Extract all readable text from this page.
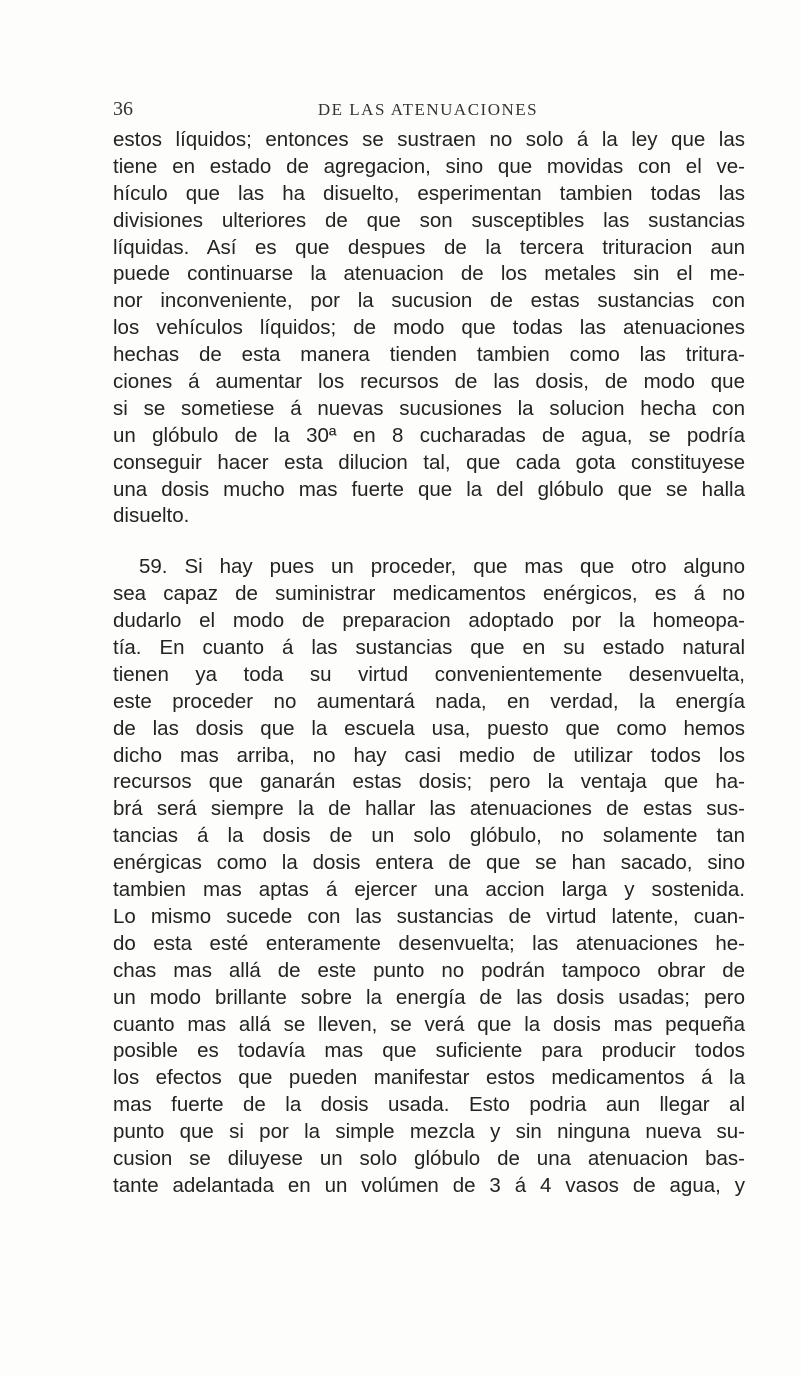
36	DE LAS ATENUACIONES
estos líquidos; entonces se sustraen no solo á la ley que las
tiene en estado de agregacion, sino que movidas con el ve-
hículo que las ha disuelto, esperimentan tambien todas las
divisiones ulteriores de que son susceptibles las sustancias
líquidas. Así es que despues de la tercera trituracion aun
puede continuarse la atenuacion de los metales sin el me-
nor inconveniente, por la sucusion de estas sustancias con
los vehículos líquidos; de modo que todas las atenuaciones
hechas de esta manera tienden tambien como las tritura-
ciones á aumentar los recursos de las dosis, de modo que
si se sometiese á nuevas sucusiones la solucion hecha con
un glóbulo de la 30ª en 8 cucharadas de agua, se podría
conseguir hacer esta dilucion tal, que cada gota constituyese
una dosis mucho mas fuerte que la del glóbulo que se halla
disuelto.
59. Si hay pues un proceder, que mas que otro alguno
sea capaz de suministrar medicamentos enérgicos, es á no
dudarlo el modo de preparacion adoptado por la homeopa-
tía. En cuanto á las sustancias que en su estado natural
tienen ya toda su virtud convenientemente desenvuelta,
este proceder no aumentará nada, en verdad, la energía
de las dosis que la escuela usa, puesto que como hemos
dicho mas arriba, no hay casi medio de utilizar todos los
recursos que ganarán estas dosis; pero la ventaja que ha-
brá será siempre la de hallar las atenuaciones de estas sus-
tancias á la dosis de un solo glóbulo, no solamente tan
enérgicas como la dosis entera de que se han sacado, sino
tambien mas aptas á ejercer una accion larga y sostenida.
Lo mismo sucede con las sustancias de virtud latente, cuan-
do esta esté enteramente desenvuelta; las atenuaciones he-
chas mas allá de este punto no podrán tampoco obrar de
un modo brillante sobre la energía de las dosis usadas; pero
cuanto mas allá se lleven, se verá que la dosis mas pequeña
posible es todavía mas que suficiente para producir todos
los efectos que pueden manifestar estos medicamentos á la
mas fuerte de la dosis usada. Esto podria aun llegar al
punto que si por la simple mezcla y sin ninguna nueva su-
cusion se diluyese un solo glóbulo de una atenuacion bas-
tante adelantada en un volúmen de 3 á 4 vasos de agua, y
